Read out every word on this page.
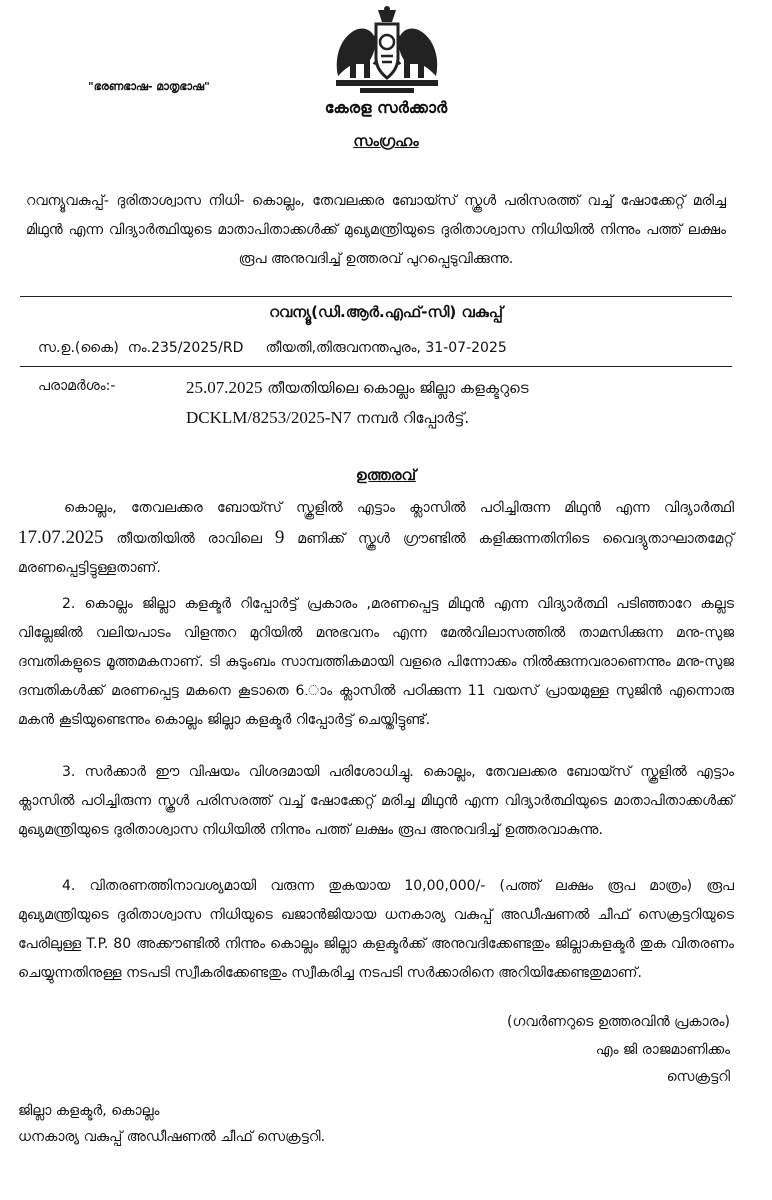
"ഭരണഭാഷ- മാതൃഭാഷ"
കേരള സർക്കാർ
സംഗ്രഹം
റവന്യൂവകുപ്പ്- ദുരിതാശ്വാസ നിധി- കൊല്ലം, തേവലക്കര ബോയ്സ് സ്കൂൾ പരിസരത്ത് വച്ച് ഷോക്കേറ്റ് മരിച്ച മിഥുൻ എന്ന വിദ്യാർത്ഥിയുടെ മാതാപിതാക്കൾക്ക് മുഖ്യമന്ത്രിയുടെ ദുരിതാശ്വാസ നിധിയിൽ നിന്നും പത്ത് ലക്ഷം രൂപ അനുവദിച്ച് ഉത്തരവ് പുറപ്പെടുവിക്കുന്നു.
റവന്യൂ(ഡി.ആർ.എഫ്-സി) വകുപ്പ്
സ.ഉ.(കൈ)  നം.235/2025/RD     തീയതി,തിരുവനന്തപുരം, 31-07-2025
പരാമർശം:-	25.07.2025 തീയതിയിലെ കൊല്ലം ജില്ലാ കളക്ടറുടെ
DCKLM/8253/2025-N7 നമ്പർ റിപ്പോർട്ട്.
ഉത്തരവ്
കൊല്ലം, തേവലക്കര ബോയ്സ് സ്കൂളിൽ എട്ടാം ക്ലാസിൽ പഠിച്ചിരുന്ന മിഥുൻ എന്ന വിദ്യാർത്ഥി 17.07.2025 തീയതിയിൽ രാവിലെ 9 മണിക്ക് സ്കൂൾ ഗ്രൗണ്ടിൽ കളിക്കുന്നതിനിടെ വൈദ്യുതാഘാതമേറ്റ് മരണപ്പെട്ടിട്ടുള്ളതാണ്.
2. കൊല്ലം ജില്ലാ കളക്ടർ റിപ്പോർട്ട് പ്രകാരം ,മരണപ്പെട്ട മിഥുൻ എന്ന വിദ്യാർത്ഥി പടിഞ്ഞാറേ കല്ലട വില്ലേജിൽ വലിയപാടം വിളന്തറ മുറിയിൽ മനുഭവനം എന്ന മേൽവിലാസത്തിൽ താമസിക്കുന്ന മനു-സുജ ദമ്പതികളുടെ മൂത്തമകനാണ്. ടി കുടുംബം സാമ്പത്തികമായി വളരെ പിന്നോക്കം നിൽക്കുന്നവരാണെന്നും മനു-സുജ ദമ്പതികൾക്ക് മരണപ്പെട്ട മകനെ കൂടാതെ 6.ാം ക്ലാസിൽ പഠിക്കുന്ന 11 വയസ് പ്രായമുള്ള സുജിൻ എന്നൊരു മകൻ കൂടിയുണ്ടെന്നും കൊല്ലം ജില്ലാ കളക്ടർ റിപ്പോർട്ട് ചെയ്തിട്ടുണ്ട്.
3. സർക്കാർ ഈ വിഷയം വിശദമായി പരിശോധിച്ചു. കൊല്ലം, തേവലക്കര ബോയ്സ് സ്കൂളിൽ എട്ടാം ക്ലാസിൽ പഠിച്ചിരുന്ന സ്കൂൾ പരിസരത്ത് വച്ച് ഷോക്കേറ്റ് മരിച്ച മിഥുൻ എന്ന വിദ്യാർത്ഥിയുടെ മാതാപിതാക്കൾക്ക് മുഖ്യമന്ത്രിയുടെ ദുരിതാശ്വാസ നിധിയിൽ നിന്നും പത്ത് ലക്ഷം രൂപ അനുവദിച്ച് ഉത്തരവാകുന്നു.
4. വിതരണത്തിനാവശ്യമായി വരുന്ന തുകയായ 10,00,000/- (പത്ത് ലക്ഷം രൂപ മാത്രം) രൂപ മുഖ്യമന്ത്രിയുടെ ദുരിതാശ്വാസ നിധിയുടെ ഖജാൻജിയായ ധനകാര്യ വകുപ്പ് അഡീഷണൽ ചീഫ് സെക്രട്ടറിയുടെ പേരിലുള്ള T.P. 80 അക്കൗണ്ടിൽ നിന്നും കൊല്ലം ജില്ലാ കളക്ടർക്ക് അനുവദിക്കേണ്ടതും ജില്ലാകളക്ടർ തുക വിതരണം ചെയ്യുന്നതിനുള്ള നടപടി സ്വീകരിക്കേണ്ടതും സ്വീകരിച്ച നടപടി സർക്കാരിനെ അറിയിക്കേണ്ടതുമാണ്.
(ഗവർണറുടെ ഉത്തരവിൻ പ്രകാരം)
എം ജി രാജമാണിക്കം
സെക്രട്ടറി
ജില്ലാ കളക്ടർ, കൊല്ലം
ധനകാര്യ വകുപ്പ് അഡീഷണൽ ചീഫ് സെക്രട്ടറി.
